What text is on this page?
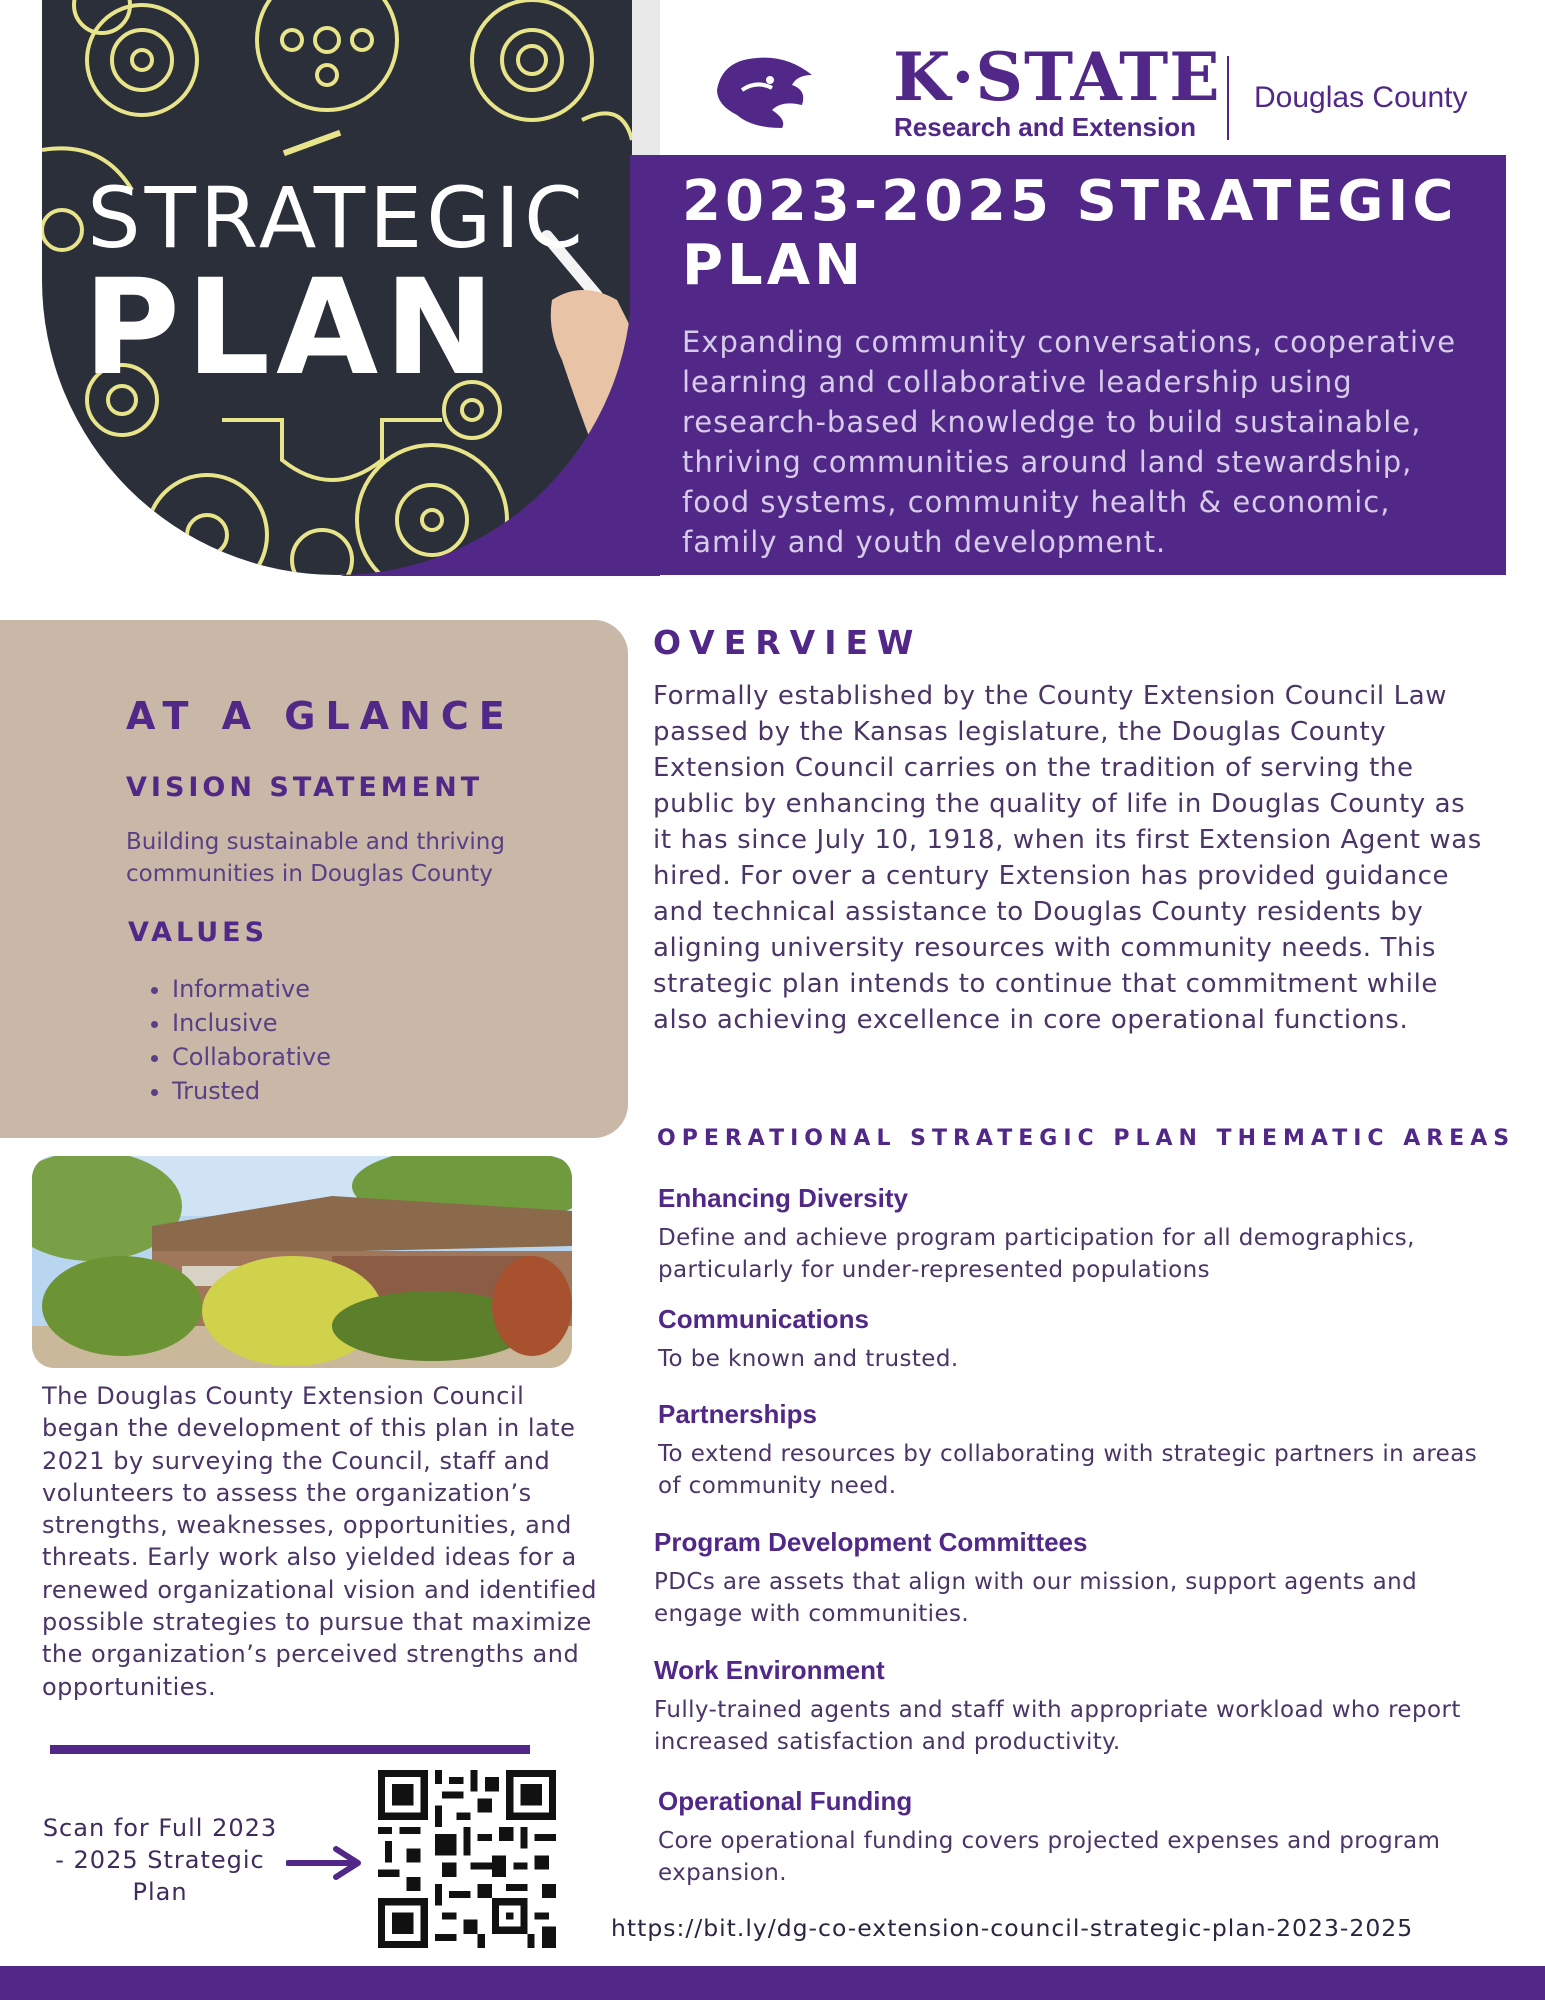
STRATEGIC
PLAN
K·STATE
Research and Extension
Douglas County
2023-2025 STRATEGIC PLAN
Expanding community conversations, cooperative learning and collaborative leadership using research-based knowledge to build sustainable, thriving communities around land stewardship, food systems, community health & economic, family and youth development.
AT A GLANCE
VISION STATEMENT
Building sustainable and thriving communities in Douglas County
VALUES
• Informative
• Inclusive
• Collaborative
• Trusted
The Douglas County Extension Council began the development of this plan in late 2021 by surveying the Council, staff and volunteers to assess the organization’s strengths, weaknesses, opportunities, and threats. Early work also yielded ideas for a renewed organizational vision and identified possible strategies to pursue that maximize the organization’s perceived strengths and opportunities.
Scan for Full 2023 - 2025 Strategic Plan
OVERVIEW
Formally established by the County Extension Council Law passed by the Kansas legislature, the Douglas County Extension Council carries on the tradition of serving the public by enhancing the quality of life in Douglas County as it has since July 10, 1918, when its first Extension Agent was hired. For over a century Extension has provided guidance and technical assistance to Douglas County residents by aligning university resources with community needs. This strategic plan intends to continue that commitment while also achieving excellence in core operational functions.
OPERATIONAL STRATEGIC PLAN THEMATIC AREAS
Enhancing Diversity
Define and achieve program participation for all demographics, particularly for under‑represented populations
Communications
To be known and trusted.
Partnerships
To extend resources by collaborating with strategic partners in areas of community need.
Program Development Committees
PDCs are assets that align with our mission, support agents and engage with communities.
Work Environment
Fully-trained agents and staff with appropriate workload who report increased satisfaction and productivity.
Operational Funding
Core operational funding covers projected expenses and program expansion.
https://bit.ly/dg-co-extension-council-strategic-plan-2023-2025
